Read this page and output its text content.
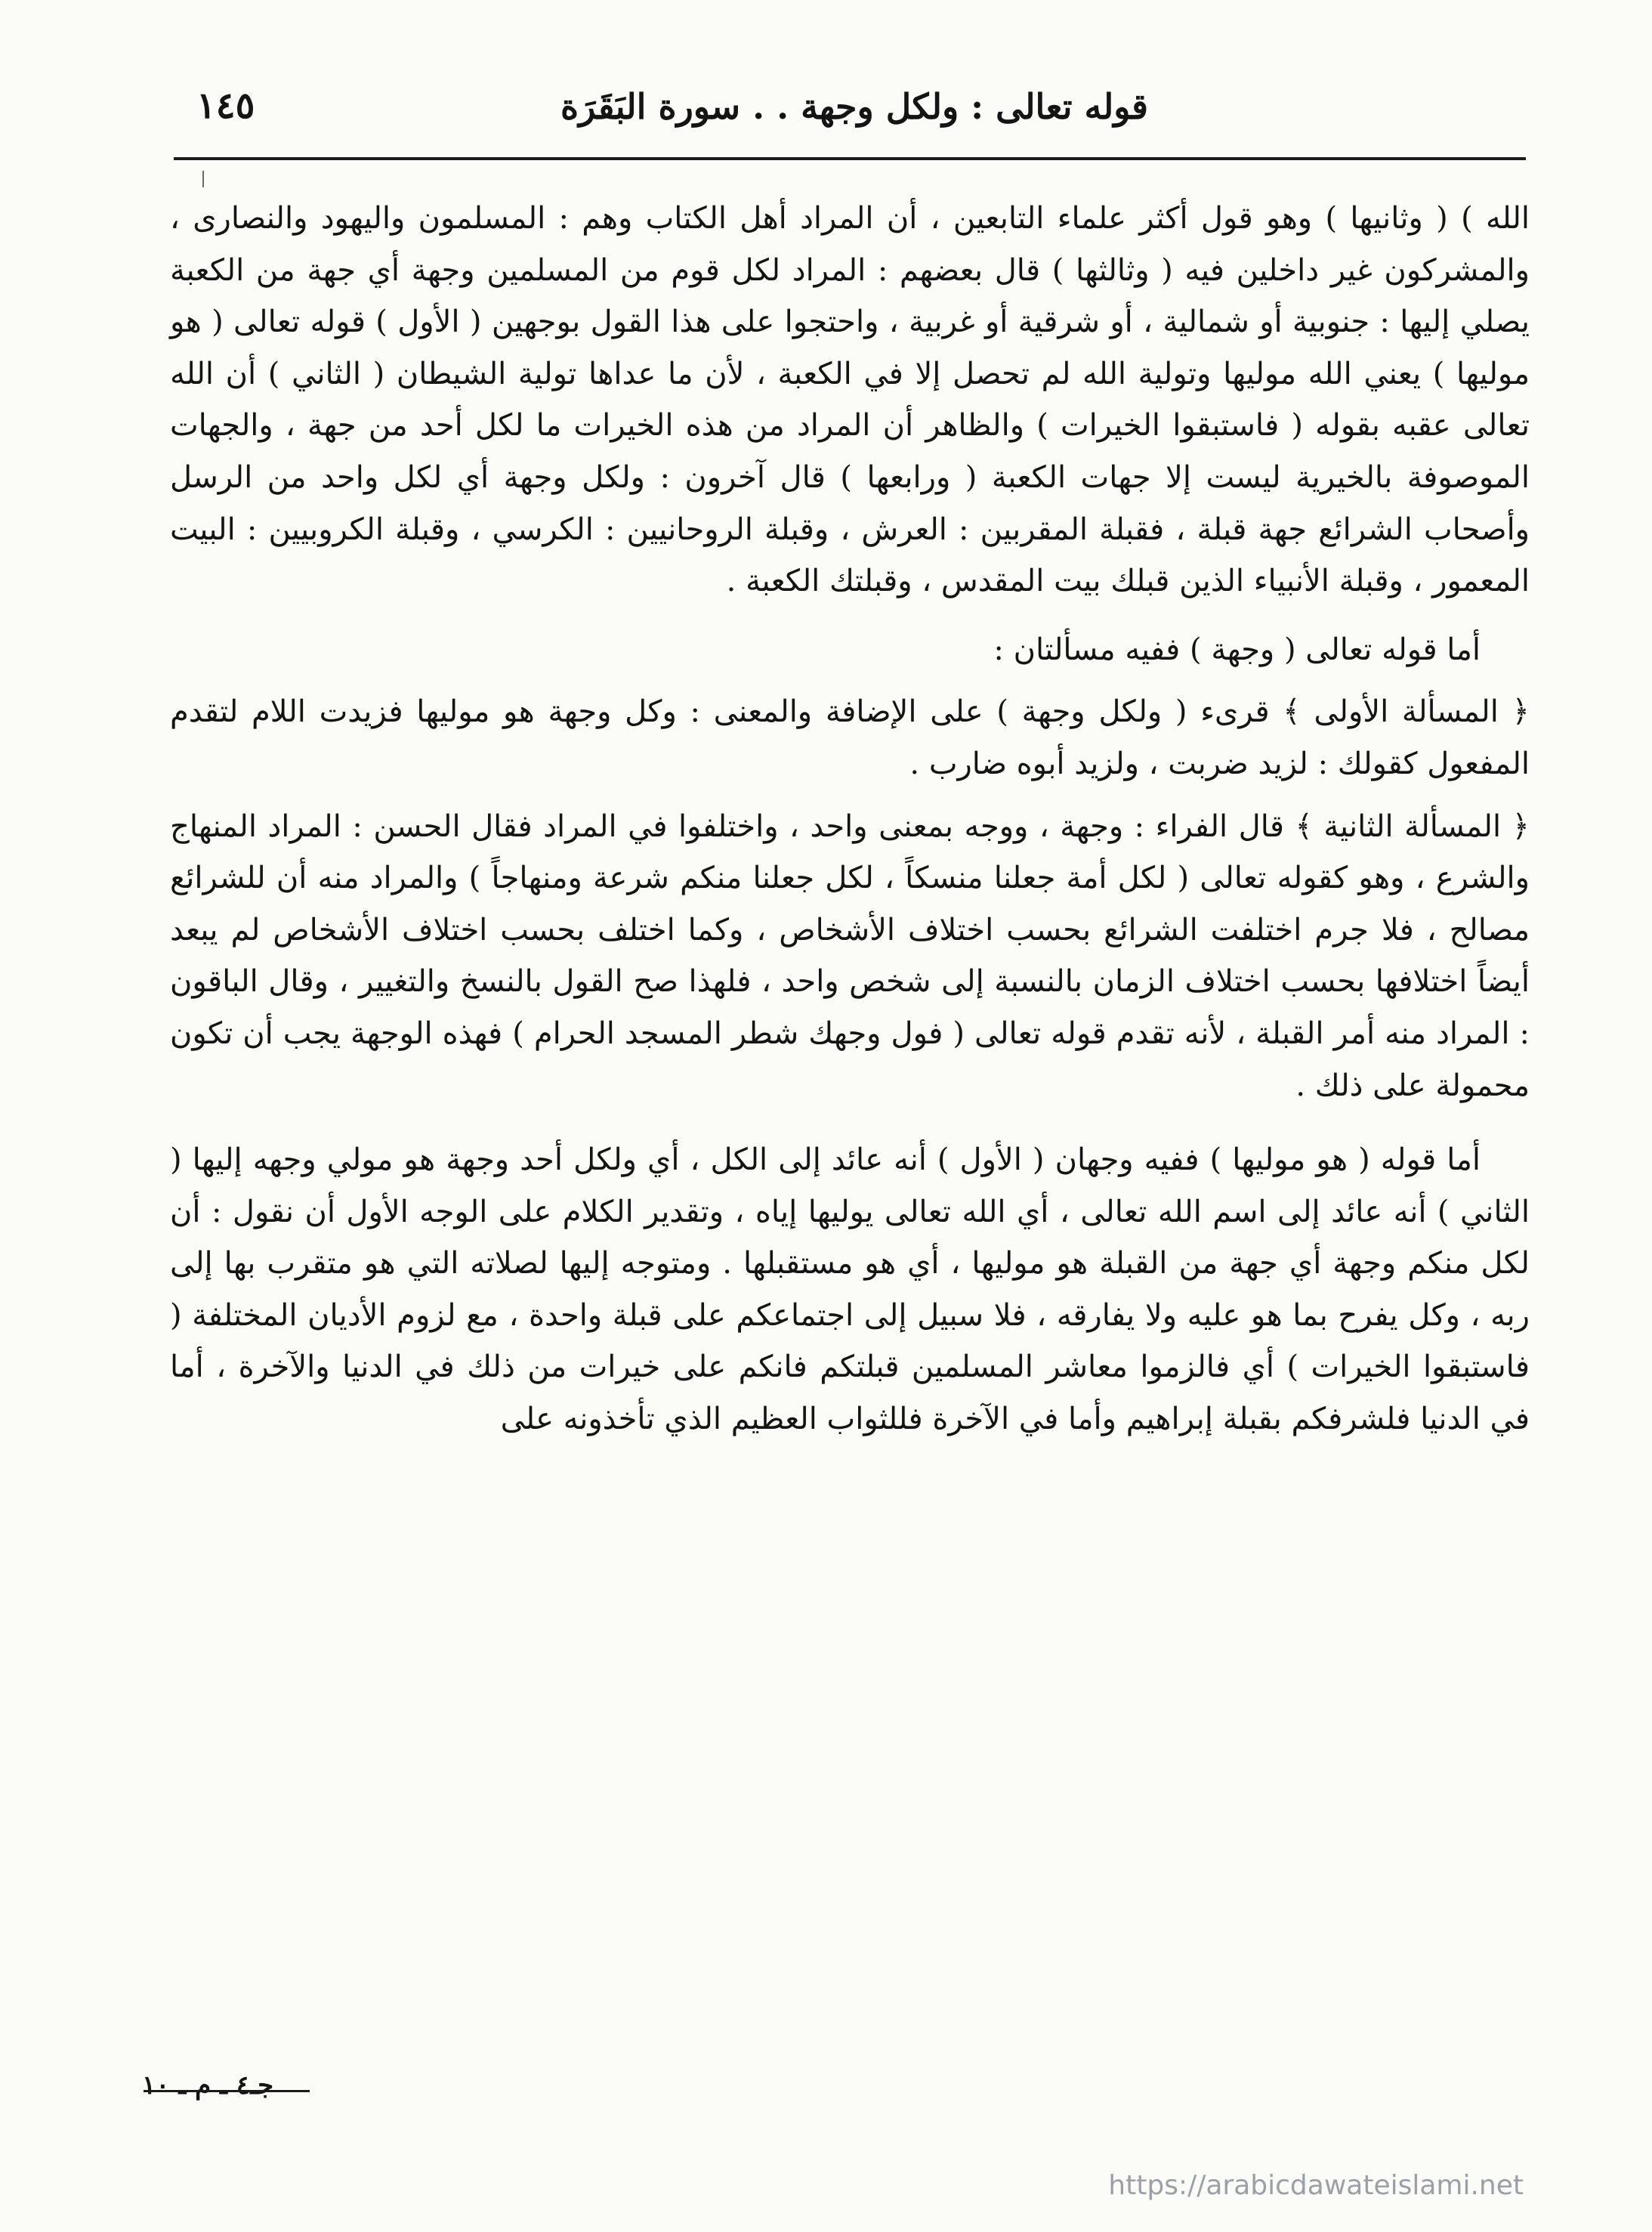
١٤٥	قوله تعالى : ولكل وجهة . . سورة البَقَرَة

الله ) ( وثانيها ) وهو قول أكثر علماء التابعين ، أن المراد أهل الكتاب وهم : المسلمون واليهود والنصارى ، والمشركون غير داخلين فيه ( وثالثها ) قال بعضهم : المراد لكل قوم من المسلمين وجهة أي جهة من الكعبة يصلي إليها : جنوبية أو شمالية ، أو شرقية أو غربية ، واحتجوا على هذا القول بوجهين ( الأول ) قوله تعالى ( هو موليها ) يعني الله موليها وتولية الله لم تحصل إلا في الكعبة ، لأن ما عداها تولية الشيطان ( الثاني ) أن الله تعالى عقبه بقوله ( فاستبقوا الخيرات ) والظاهر أن المراد من هذه الخيرات ما لكل أحد من جهة ، والجهات الموصوفة بالخيرية ليست إلا جهات الكعبة ( ورابعها ) قال آخرون : ولكل وجهة أي لكل واحد من الرسل وأصحاب الشرائع جهة قبلة ، فقبلة المقربين : العرش ، وقبلة الروحانيين : الكرسي ، وقبلة الكروبيين : البيت المعمور ، وقبلة الأنبياء الذين قبلك بيت المقدس ، وقبلتك الكعبة .

أما قوله تعالى ( وجهة ) ففيه مسألتان :

﴿ المسألة الأولى ﴾ قرىء ( ولكل وجهة ) على الإضافة والمعنى : وكل وجهة هو موليها فزيدت اللام لتقدم المفعول كقولك : لزيد ضربت ، ولزيد أبوه ضارب .

﴿ المسألة الثانية ﴾ قال الفراء : وجهة ، ووجه بمعنى واحد ، واختلفوا في المراد فقال الحسن : المراد المنهاج والشرع ، وهو كقوله تعالى ( لكل أمة جعلنا منسكاً ، لكل جعلنا منكم شرعة ومنهاجاً ) والمراد منه أن للشرائع مصالح ، فلا جرم اختلفت الشرائع بحسب اختلاف الأشخاص ، وكما اختلف بحسب اختلاف الأشخاص لم يبعد أيضاً اختلافها بحسب اختلاف الزمان بالنسبة إلى شخص واحد ، فلهذا صح القول بالنسخ والتغيير ، وقال الباقون : المراد منه أمر القبلة ، لأنه تقدم قوله تعالى ( فول وجهك شطر المسجد الحرام ) فهذه الوجهة يجب أن تكون محمولة على ذلك .

أما قوله ( هو موليها ) ففيه وجهان ( الأول ) أنه عائد إلى الكل ، أي ولكل أحد وجهة هو مولي وجهه إليها ( الثاني ) أنه عائد إلى اسم الله تعالى ، أي الله تعالى يوليها إياه ، وتقدير الكلام على الوجه الأول أن نقول : أن لكل منكم وجهة أي جهة من القبلة هو موليها ، أي هو مستقبلها . ومتوجه إليها لصلاته التي هو متقرب بها إلى ربه ، وكل يفرح بما هو عليه ولا يفارقه ، فلا سبيل إلى اجتماعكم على قبلة واحدة ، مع لزوم الأديان المختلفة ( فاستبقوا الخيرات ) أي فالزموا معاشر المسلمين قبلتكم فانكم على خيرات من ذلك في الدنيا والآخرة ، أما في الدنيا فلشرفكم بقبلة إبراهيم وأما في الآخرة فللثواب العظيم الذي تأخذونه على

جـ٤ ـ م ـ ١٠
https://arabicdawateislami.net
